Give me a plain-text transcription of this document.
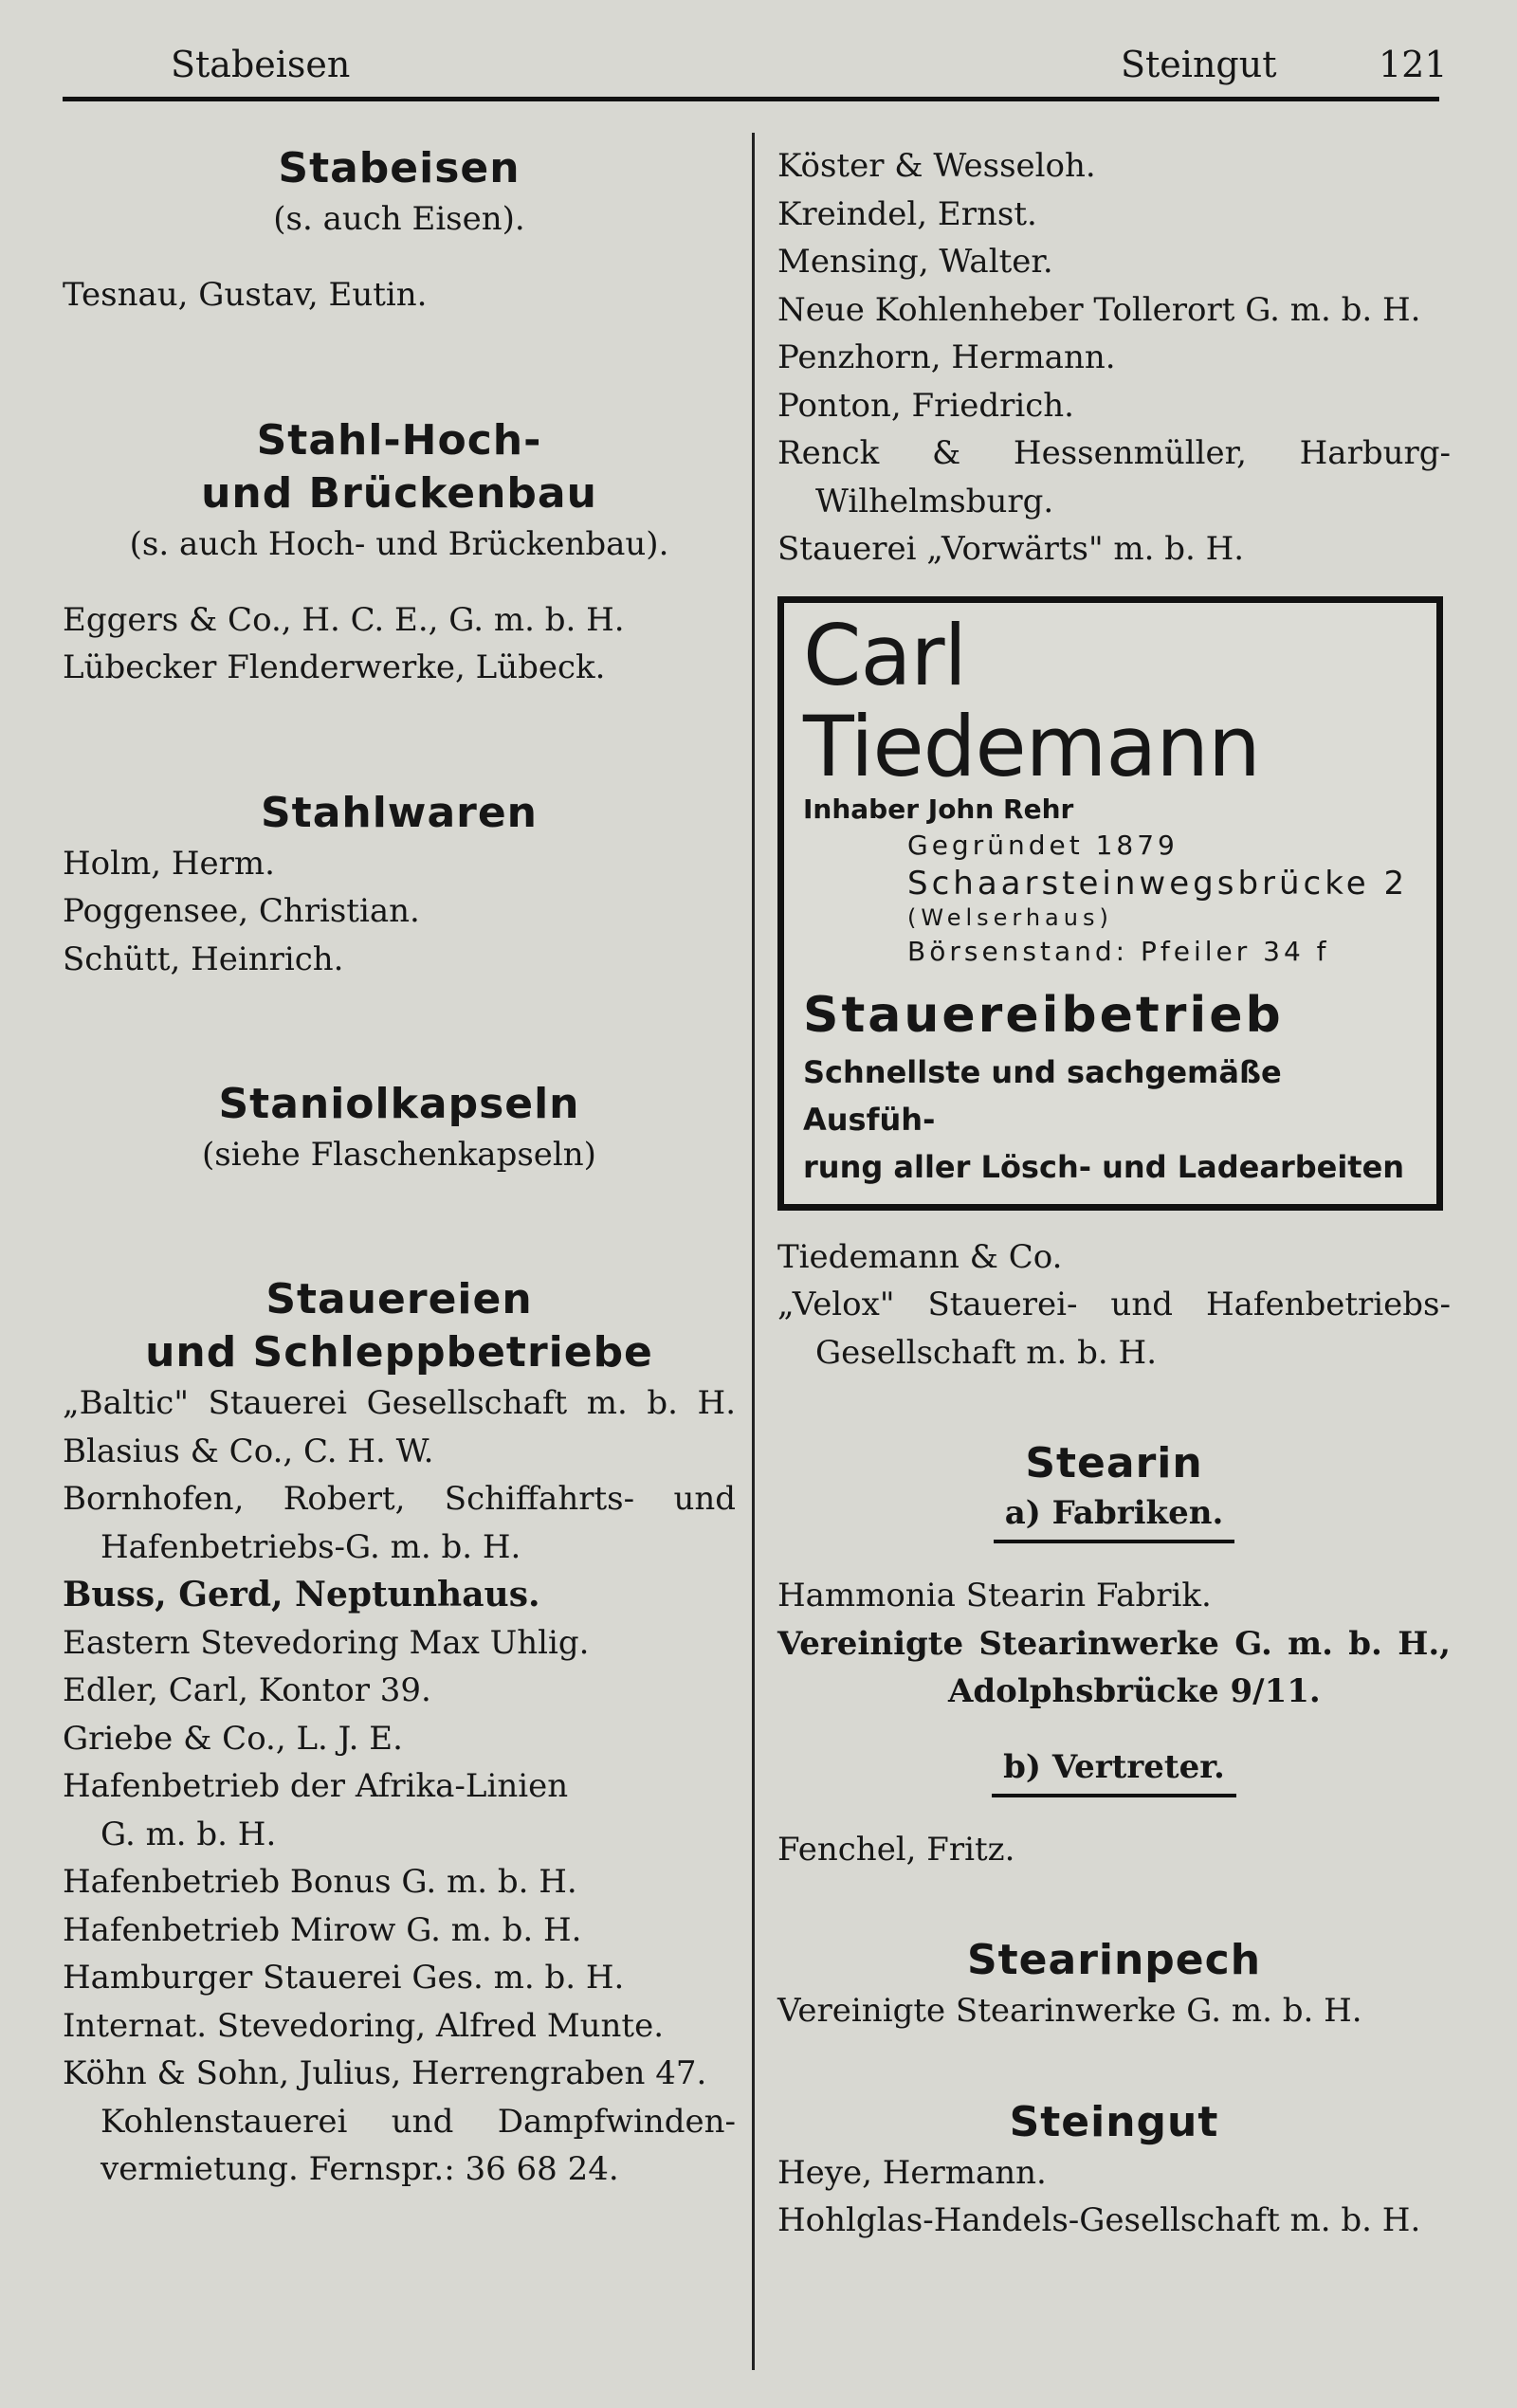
Stabeisen	Steingut	121
Stabeisen
(s. auch Eisen).
Tesnau, Gustav, Eutin.
Stahl-Hoch-
und Brückenbau
(s. auch Hoch- und Brückenbau).
Eggers & Co., H. C. E., G. m. b. H.
Lübecker Flenderwerke, Lübeck.
Stahlwaren
Holm, Herm.
Poggensee, Christian.
Schütt, Heinrich.
Staniolkapseln
(siehe Flaschenkapseln)
Stauereien
und Schleppbetriebe
„Baltic" Stauerei Gesellschaft m. b. H.
Blasius & Co., C. H. W.
Bornhofen, Robert, Schiffahrts- und
Hafenbetriebs-G. m. b. H.
Buss, Gerd, Neptunhaus.
Eastern Stevedoring Max Uhlig.
Edler, Carl, Kontor 39.
Griebe & Co., L. J. E.
Hafenbetrieb der Afrika-Linien
G. m. b. H.
Hafenbetrieb Bonus G. m. b. H.
Hafenbetrieb Mirow G. m. b. H.
Hamburger Stauerei Ges. m. b. H.
Internat. Stevedoring, Alfred Munte.
Köhn & Sohn, Julius, Herrengraben 47.
Kohlenstauerei und Dampfwinden-
vermietung. Fernspr.: 36 68 24.
Köster & Wesseloh.
Kreindel, Ernst.
Mensing, Walter.
Neue Kohlenheber Tollerort G. m. b. H.
Penzhorn, Hermann.
Ponton, Friedrich.
Renck & Hessenmüller, Harburg-
Wilhelmsburg.
Stauerei „Vorwärts" m. b. H.
Carl Tiedemann
Inhaber John Rehr
Gegründet 1879
Schaarsteinwegsbrücke 2
(Welserhaus)
Börsenstand: Pfeiler 34 f
Stauereibetrieb
Schnellste und sachgemäße Ausfüh-
rung aller Lösch- und Ladearbeiten
Tiedemann & Co.
„Velox" Stauerei- und Hafenbetriebs-
Gesellschaft m. b. H.
Stearin
a) Fabriken.
Hammonia Stearin Fabrik.
Vereinigte Stearinwerke G. m. b. H.,
Adolphsbrücke 9/11.
b) Vertreter.
Fenchel, Fritz.
Stearinpech
Vereinigte Stearinwerke G. m. b. H.
Steingut
Heye, Hermann.
Hohlglas-Handels-Gesellschaft m. b. H.
